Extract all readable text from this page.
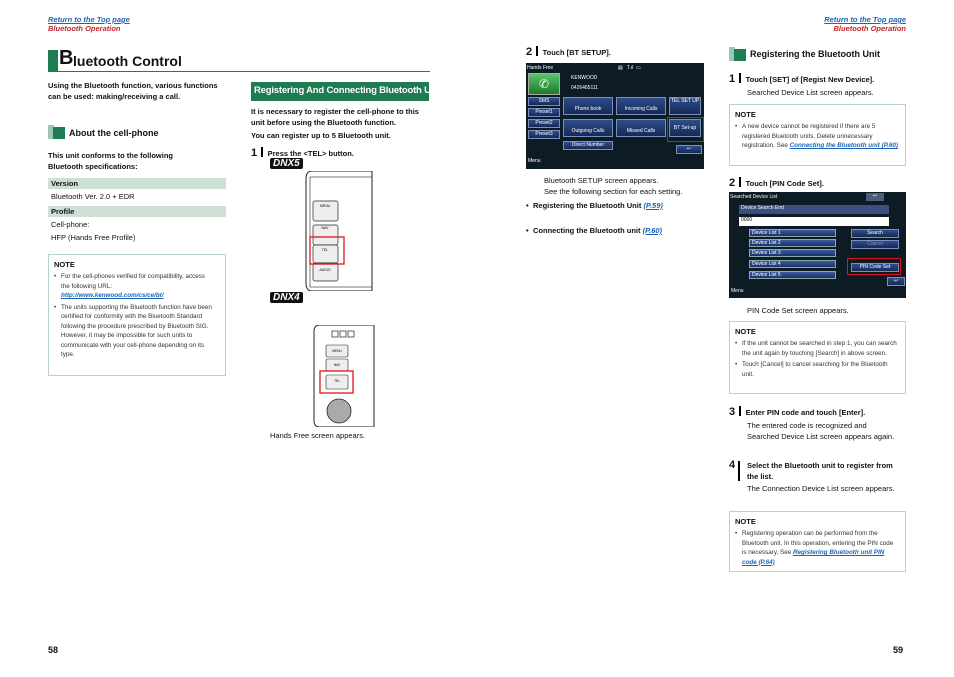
Return to the Top page
Bluetooth Operation
B luetooth Control
Using the Bluetooth function, various functions can be used: making/receiving a call.
About the cell-phone
This unit conforms to the following Bluetooth specifications:
Version
Bluetooth Ver. 2.0 + EDR
Profile
Cell-phone:
HFP (Hands Free Profile)
NOTE
• For the cell-phones verified for compatibility, access the following URL:
http://www.kenwood.com/cs/ce/bt/
• The units supporting the Bluetooth function have been certified for conformity with the Bluetooth Standard following the procedure prescribed by Bluetooth SIG. However, it may be impossible for such units to communicate with your cell-phone depending on its type.
58
Registering And Connecting Bluetooth Unit
It is necessary to register the cell-phone to this unit before using the Bluetooth function.
You can register up to 5 Bluetooth unit.
1 Press the <TEL> button.
DNX5
MENU
NAV
TEL
AUDIO
DNX4
MENU
NAV
TEL
Hands Free screen appears.
2 Touch [BT SETUP].
Hands Free	▤   T.ıl  ▭
✆	KENWOOD
0426465111
SMS
Preset1
Preset2
Preset3
Phone book	Incoming Calls
Outgoing Calls	Missed Calls
Direct Number
TEL SET UP
BT Set-up
↩
Menu
Bluetooth SETUP screen appears.
See the following section for each setting.
• Registering the Bluetooth Unit (P.59)
• Connecting the Bluetooth unit (P.60)
Return to the Top page
Bluetooth Operation
Registering the Bluetooth Unit
1 Touch [SET] of [Regist New Device].
Searched Device List screen appears.
NOTE
• A new device cannot be registered if there are 5 registered Bluetooth units. Delete unnecessary registration. See Connecting the Bluetooth unit (P.60)
2 Touch [PIN Code Set].
Searched Device List	↩
Device Search End
0000
Device List 1
Device List 2
Device List 3
Device List 4
Device List 5
Search
Cancel
PIN Code Set
↩
Menu
PIN Code Set screen appears.
NOTE
• If the unit cannot be searched in step 1, you can search the unit again by touching [Search] in above screen.
• Touch [Cancel] to cancel searching for the Bluetooth unit.
3 Enter PIN code and touch [Enter].
The entered code is recognized and Searched Device List screen appears again.
4 Select the Bluetooth unit to register from the list.
The Connection Device List screen appears.
NOTE
• Registering operation can be performed from the Bluetooth unit. In this operation, entering the PIN code is necessary. See Registering Bluetooth unit PIN code (P.64)
59
